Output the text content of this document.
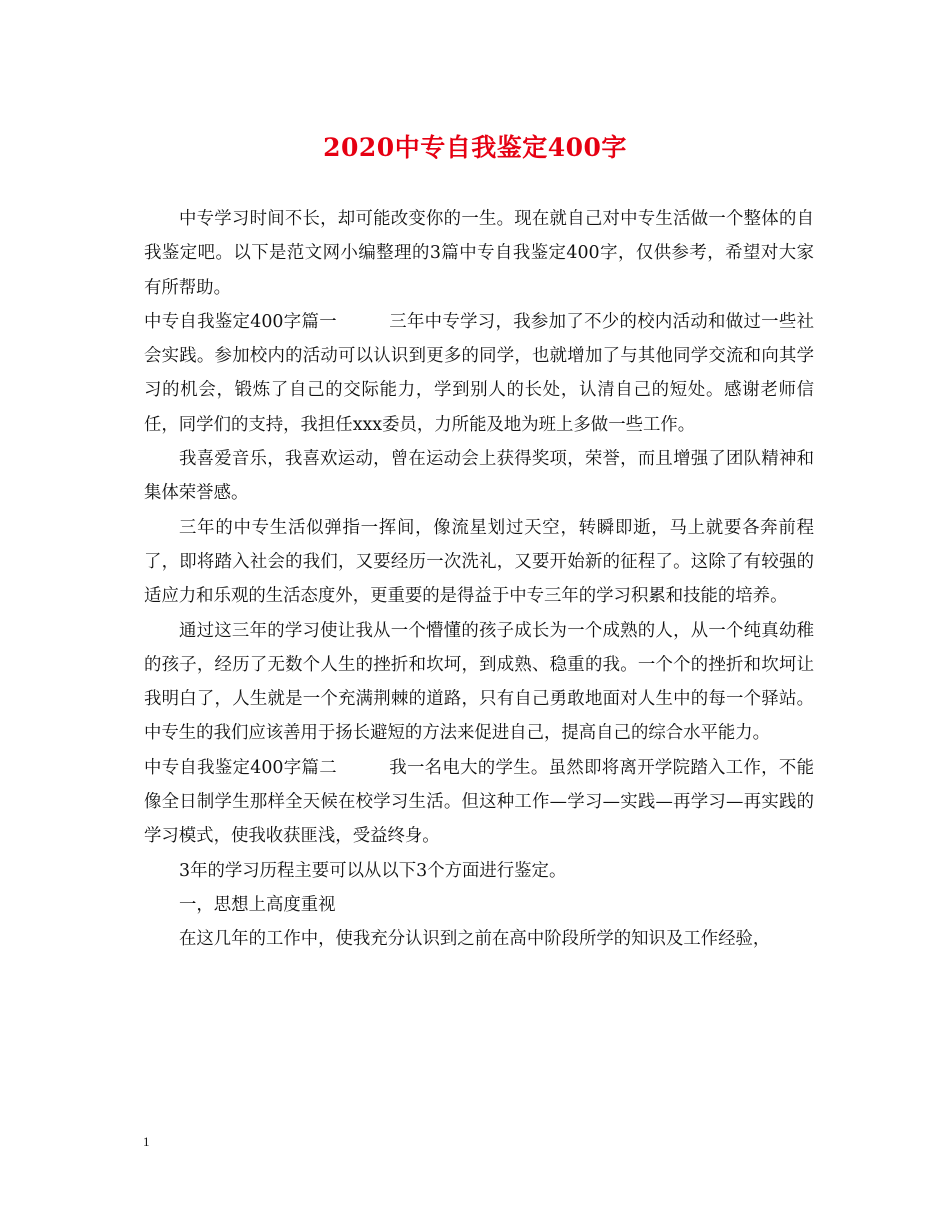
2020中专自我鉴定400字

中专学习时间不长，却可能改变你的一生。现在就自己对中专生活做一个整体的自我鉴定吧。以下是范文网小编整理的3篇中专自我鉴定400字，仅供参考，希望对大家有所帮助。

中专自我鉴定400字篇一	三年中专学习，我参加了不少的校内活动和做过一些社会实践。参加校内的活动可以认识到更多的同学，也就增加了与其他同学交流和向其学习的机会，锻炼了自己的交际能力，学到别人的长处，认清自己的短处。感谢老师信任，同学们的支持，我担任xxx委员，力所能及地为班上多做一些工作。

我喜爱音乐，我喜欢运动，曾在运动会上获得奖项，荣誉，而且增强了团队精神和集体荣誉感。

三年的中专生活似弹指一挥间，像流星划过天空，转瞬即逝，马上就要各奔前程了，即将踏入社会的我们，又要经历一次洗礼，又要开始新的征程了。这除了有较强的适应力和乐观的生活态度外，更重要的是得益于中专三年的学习积累和技能的培养。

通过这三年的学习使让我从一个懵懂的孩子成长为一个成熟的人，从一个纯真幼稚的孩子，经历了无数个人生的挫折和坎坷，到成熟、稳重的我。一个个的挫折和坎坷让我明白了，人生就是一个充满荆棘的道路，只有自己勇敢地面对人生中的每一个驿站。中专生的我们应该善用于扬长避短的方法来促进自己，提高自己的综合水平能力。

中专自我鉴定400字篇二	我一名电大的学生。虽然即将离开学院踏入工作，不能像全日制学生那样全天候在校学习生活。但这种工作—学习—实践—再学习—再实践的学习模式，使我收获匪浅，受益终身。

3年的学习历程主要可以从以下3个方面进行鉴定。

一，思想上高度重视

在这几年的工作中，使我充分认识到之前在高中阶段所学的知识及工作经验，

1
